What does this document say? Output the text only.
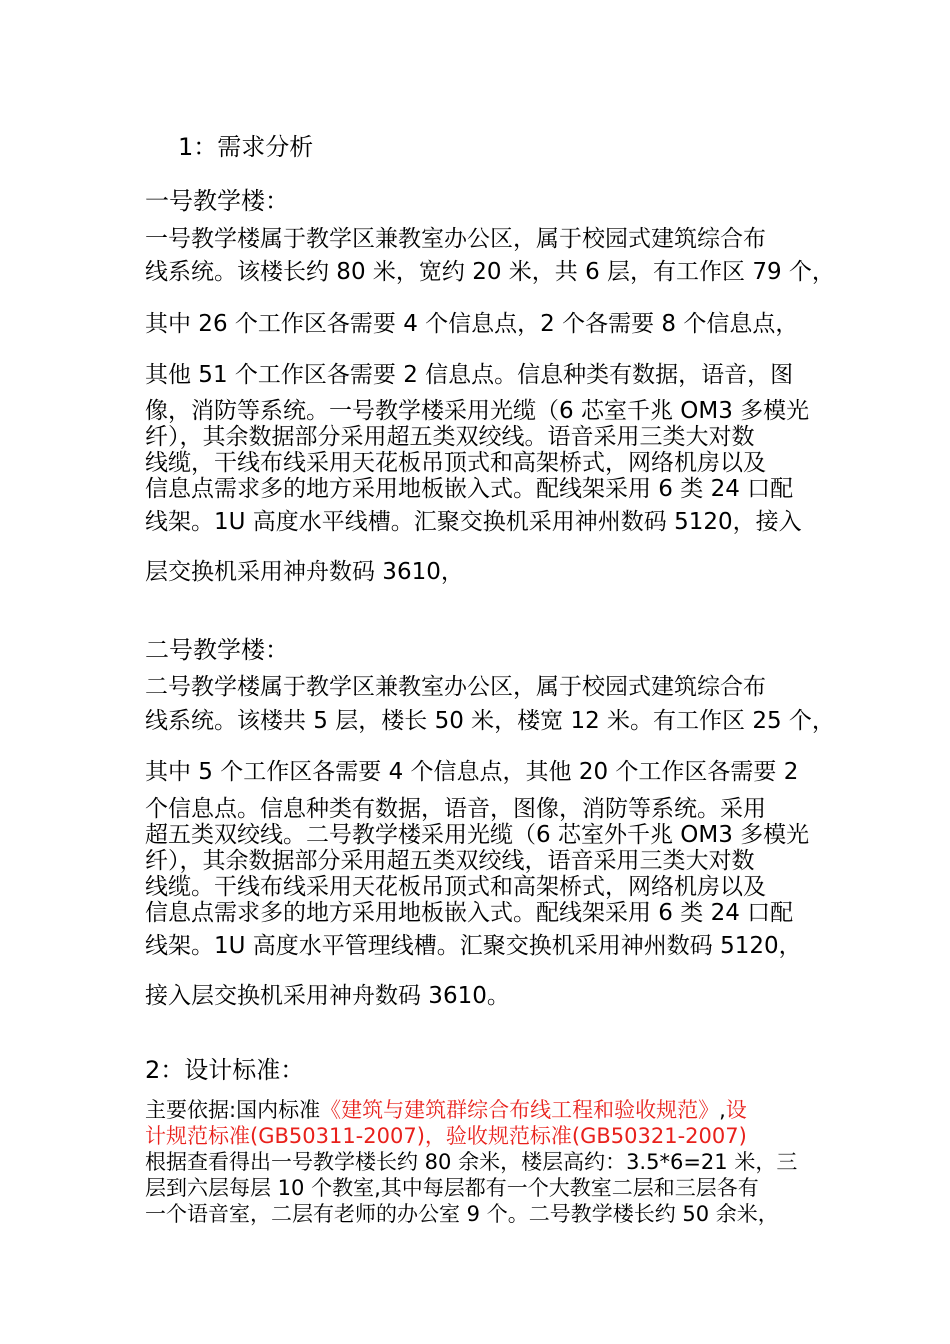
1：需求分析
一号教学楼：
一号教学楼属于教学区兼教室办公区，属于校园式建筑综合布
线系统。该楼长约 80 米，宽约 20 米，共 6 层，有工作区 79 个，
其中 26 个工作区各需要 4 个信息点，2 个各需要 8 个信息点，
其他 51 个工作区各需要 2 信息点。信息种类有数据，语音，图
像，消防等系统。一号教学楼采用光缆（6 芯室千兆 OM3 多模光
纤），其余数据部分采用超五类双绞线。语音采用三类大对数
线缆，干线布线采用天花板吊顶式和高架桥式，网络机房以及
信息点需求多的地方采用地板嵌入式。配线架采用 6 类 24 口配
线架。1U 高度水平线槽。汇聚交换机采用神州数码 5120，接入
层交换机采用神舟数码 3610，
二号教学楼：
二号教学楼属于教学区兼教室办公区，属于校园式建筑综合布
线系统。该楼共 5 层，楼长 50 米，楼宽 12 米。有工作区 25 个，
其中 5 个工作区各需要 4 个信息点，其他 20 个工作区各需要 2
个信息点。信息种类有数据，语音，图像，消防等系统。采用
超五类双绞线。二号教学楼采用光缆（6 芯室外千兆 OM3 多模光
纤），其余数据部分采用超五类双绞线，语音采用三类大对数
线缆。干线布线采用天花板吊顶式和高架桥式，网络机房以及
信息点需求多的地方采用地板嵌入式。配线架采用 6 类 24 口配
线架。1U 高度水平管理线槽。汇聚交换机采用神州数码 5120，
接入层交换机采用神舟数码 3610。
2：设计标准：
主要依据:国内标准《建筑与建筑群综合布线工程和验收规范》,设
计规范标准(GB50311-2007)，验收规范标准(GB50321-2007)
根据查看得出一号教学楼长约 80 余米，楼层高约：3.5*6=21 米，三
层到六层每层 10 个教室,其中每层都有一个大教室二层和三层各有
一个语音室，二层有老师的办公室 9 个。二号教学楼长约 50 余米，
